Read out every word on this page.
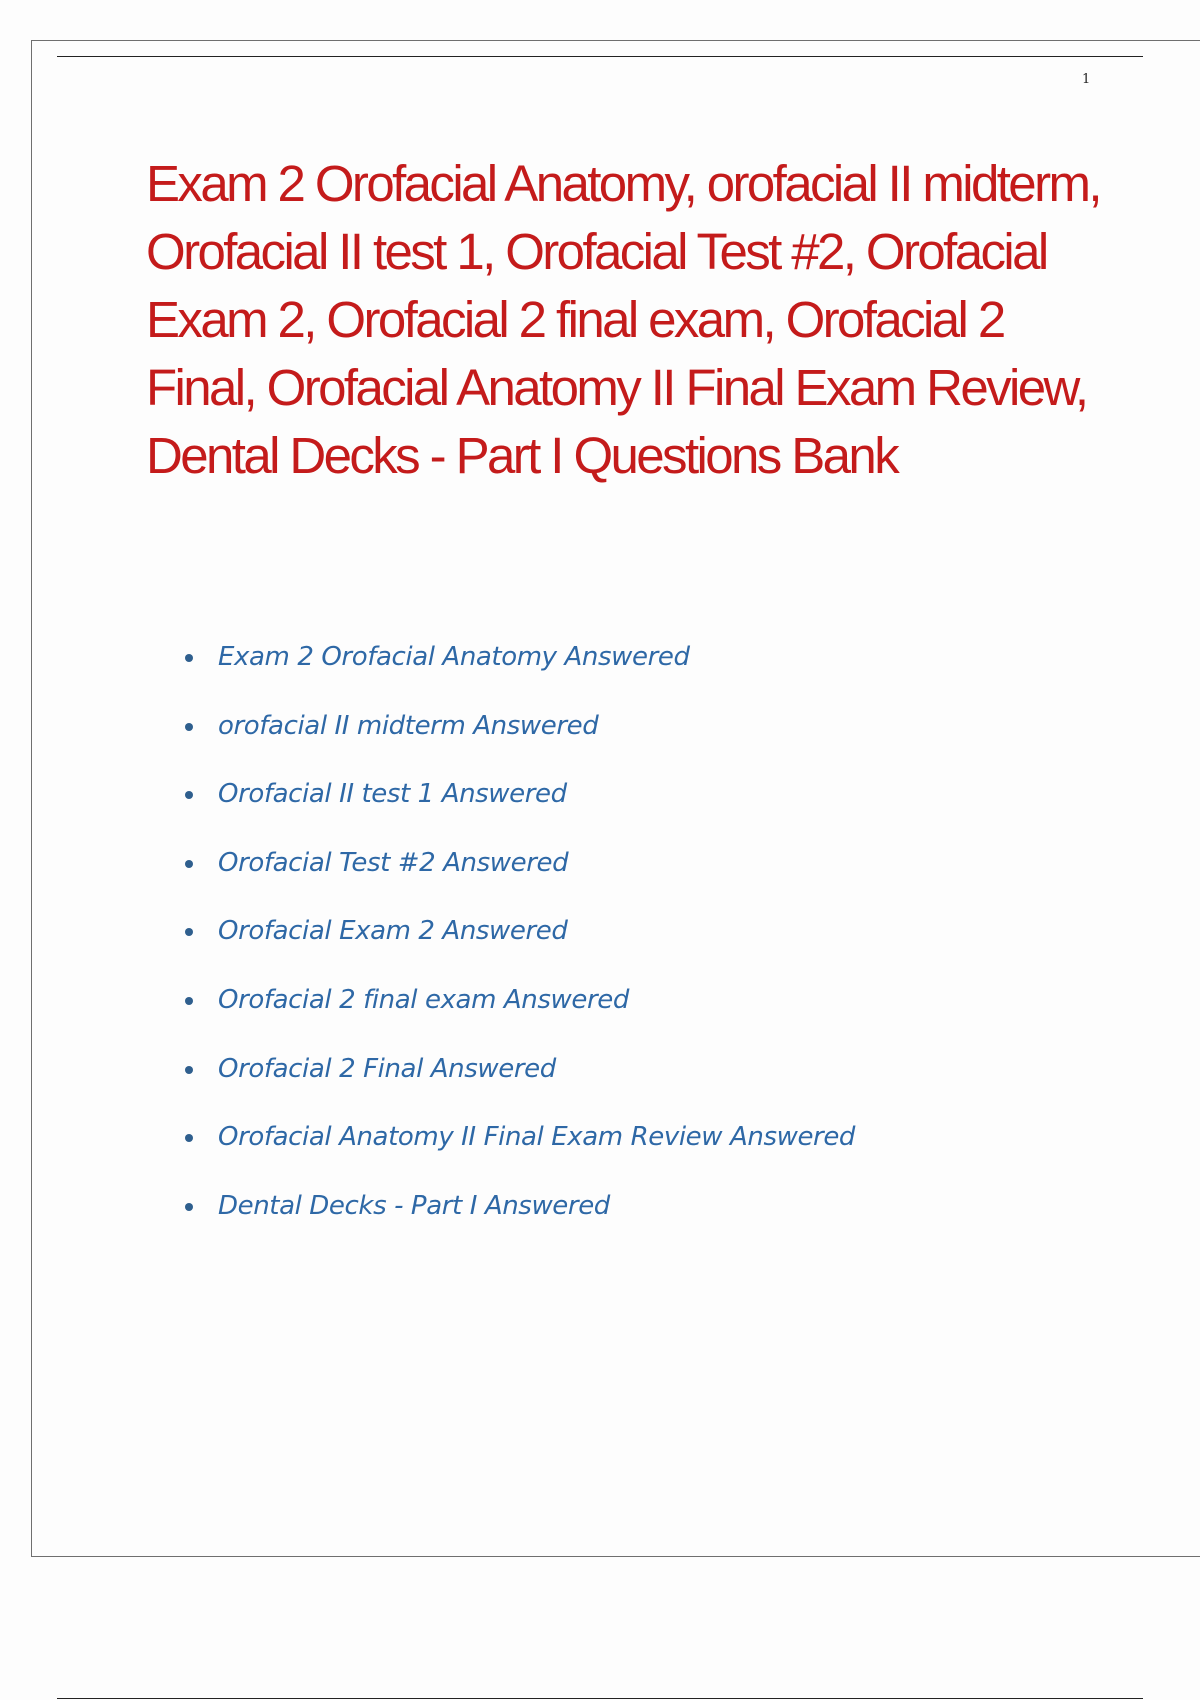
1
Exam 2 Orofacial Anatomy, orofacial II midterm, Orofacial II test 1, Orofacial Test #2, Orofacial Exam 2, Orofacial 2 final exam, Orofacial 2 Final, Orofacial Anatomy II Final Exam Review, Dental Decks - Part I Questions Bank
Exam 2 Orofacial Anatomy Answered
orofacial II midterm Answered
Orofacial II test 1 Answered
Orofacial Test #2 Answered
Orofacial Exam 2 Answered
Orofacial 2 final exam Answered
Orofacial 2 Final Answered
Orofacial Anatomy II Final Exam Review Answered
Dental Decks - Part I Answered
